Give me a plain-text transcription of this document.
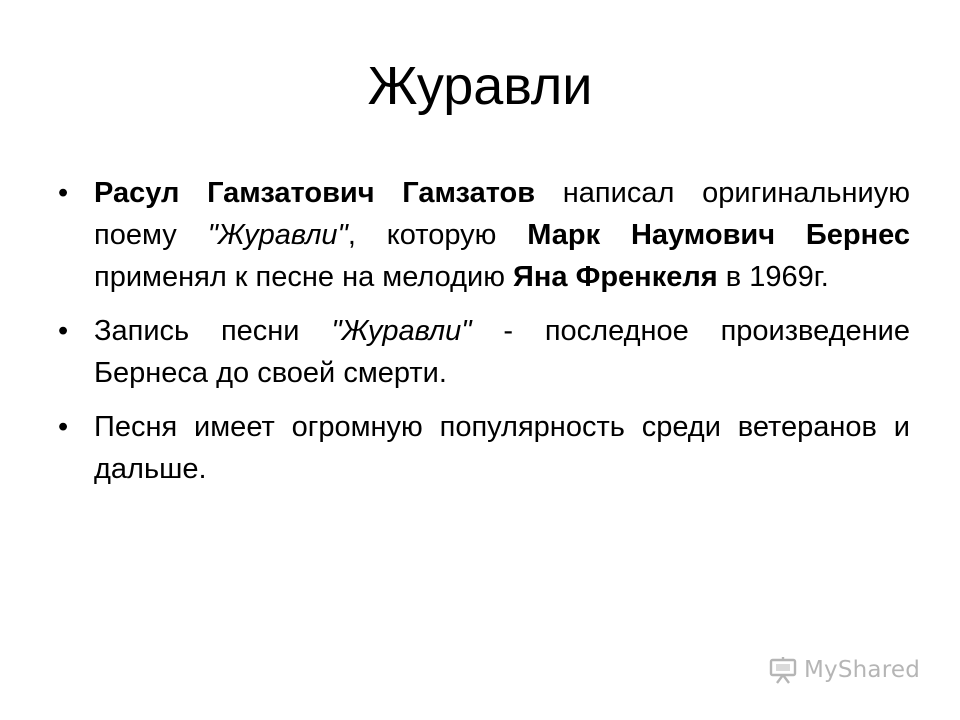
Журавли
• Расул Гамзатович Гамзатов написал оригинальниую поему "Журавли", которую Марк Наумович Бернес применял к песне на мелодию Яна Френкеля в 1969г.
• Запись песни "Журавли" - последное произведение Бернеса до своей смерти.
• Песня имеет огромную популярность среди ветеранов и дальше.
MyShared
